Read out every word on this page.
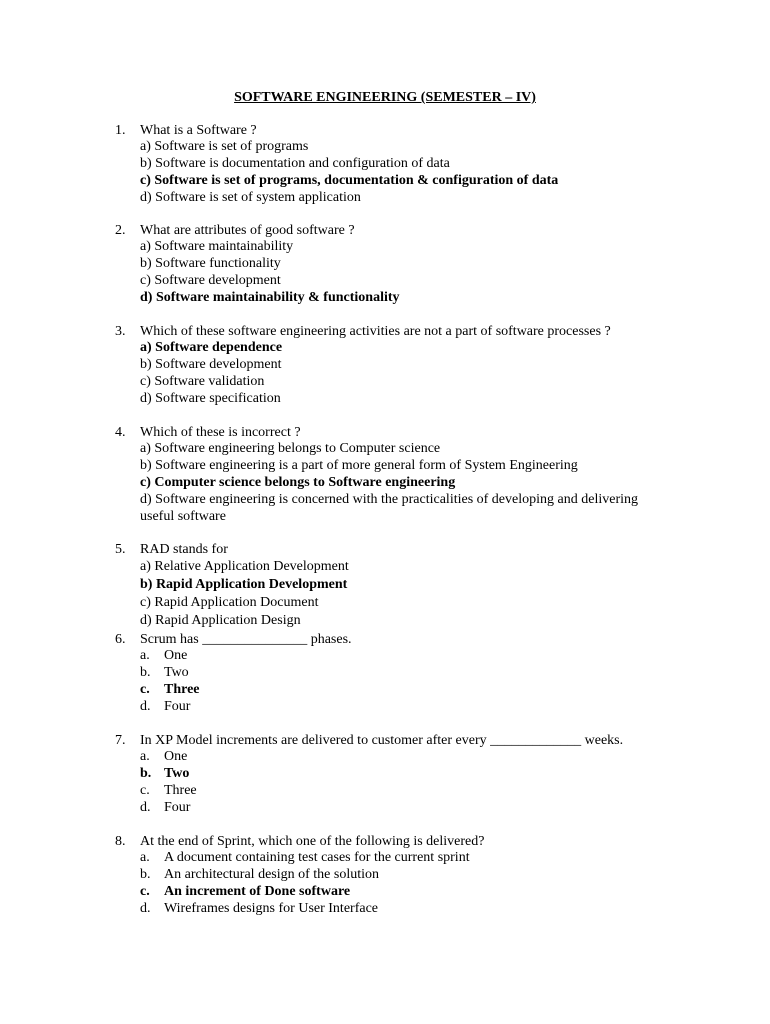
SOFTWARE ENGINEERING (SEMESTER – IV)
1. What is a Software ?
a) Software is set of programs
b) Software is documentation and configuration of data
c) Software is set of programs, documentation & configuration of data
d) Software is set of system application
2. What are attributes of good software ?
a) Software maintainability
b) Software functionality
c) Software development
d) Software maintainability & functionality
3. Which of these software engineering activities are not a part of software processes ?
a) Software dependence
b) Software development
c) Software validation
d) Software specification
4. Which of these is incorrect ?
a) Software engineering belongs to Computer science
b) Software engineering is a part of more general form of System Engineering
c) Computer science belongs to Software engineering
d) Software engineering is concerned with the practicalities of developing and delivering useful software
5. RAD stands for
a) Relative Application Development
b) Rapid Application Development
c) Rapid Application Document
d) Rapid Application Design
6. Scrum has _______________ phases.
a. One
b. Two
c. Three
d. Four
7. In XP Model increments are delivered to customer after every _____________ weeks.
a. One
b. Two
c. Three
d. Four
8. At the end of Sprint, which one of the following is delivered?
a. A document containing test cases for the current sprint
b. An architectural design of the solution
c. An increment of Done software
d. Wireframes designs for User Interface
